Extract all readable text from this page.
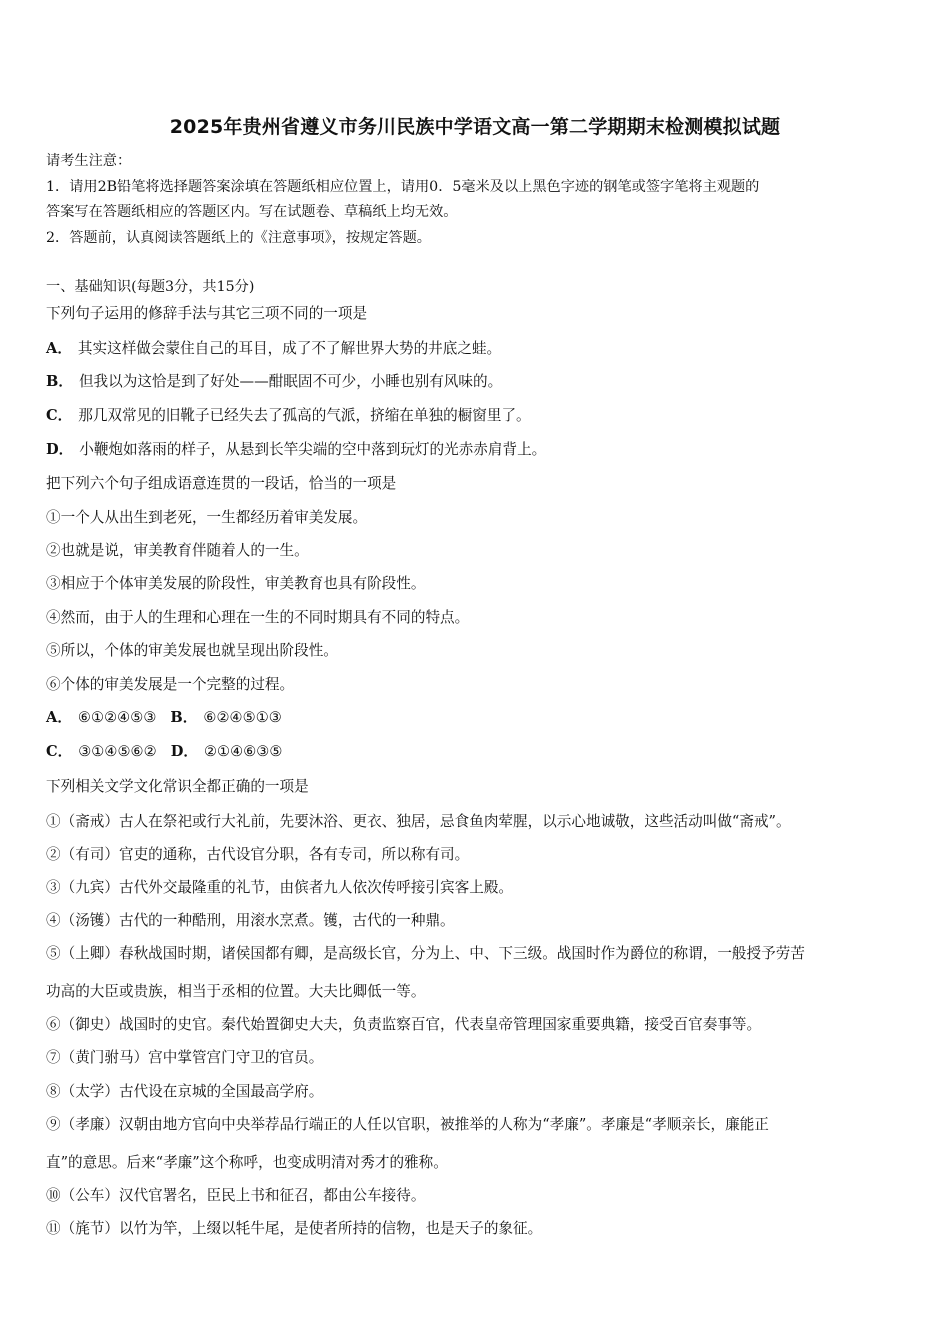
2025年贵州省遵义市务川民族中学语文高一第二学期期末检测模拟试题
请考生注意：
1．请用2B铅笔将选择题答案涂填在答题纸相应位置上，请用0．5毫米及以上黑色字迹的钢笔或签字笔将主观题的
答案写在答题纸相应的答题区内。写在试题卷、草稿纸上均无效。
2．答题前，认真阅读答题纸上的《注意事项》，按规定答题。
一、基础知识(每题3分，共15分)
下列句子运用的修辞手法与其它三项不同的一项是
A． 其实这样做会蒙住自己的耳目，成了不了解世界大势的井底之蛙。
B． 但我以为这恰是到了好处——酣眠固不可少，小睡也别有风味的。
C． 那几双常见的旧靴子已经失去了孤高的气派，挤缩在单独的橱窗里了。
D． 小鞭炮如落雨的样子，从悬到长竿尖端的空中落到玩灯的光赤赤肩背上。
把下列六个句子组成语意连贯的一段话，恰当的一项是
①一个人从出生到老死，一生都经历着审美发展。
②也就是说，审美教育伴随着人的一生。
③相应于个体审美发展的阶段性，审美教育也具有阶段性。
④然而，由于人的生理和心理在一生的不同时期具有不同的特点。
⑤所以，个体的审美发展也就呈现出阶段性。
⑥个体的审美发展是一个完整的过程。
A． ⑥①②④⑤③ B． ⑥②④⑤①③
C． ③①④⑤⑥② D． ②①④⑥③⑤
下列相关文学文化常识全都正确的一项是
①（斋戒）古人在祭祀或行大礼前，先要沐浴、更衣、独居，忌食鱼肉荤腥，以示心地诚敬，这些活动叫做“斋戒”。
②（有司）官吏的通称，古代设官分职，各有专司，所以称有司。
③（九宾）古代外交最隆重的礼节，由傧者九人依次传呼接引宾客上殿。
④（汤镬）古代的一种酷刑，用滚水烹煮。镬，古代的一种鼎。
⑤（上卿）春秋战国时期，诸侯国都有卿，是高级长官，分为上、中、下三级。战国时作为爵位的称谓，一般授予劳苦
功高的大臣或贵族，相当于丞相的位置。大夫比卿低一等。
⑥（御史）战国时的史官。秦代始置御史大夫，负责监察百官，代表皇帝管理国家重要典籍，接受百官奏事等。
⑦（黄门驸马）宫中掌管宫门守卫的官员。
⑧（太学）古代设在京城的全国最高学府。
⑨（孝廉）汉朝由地方官向中央举荐品行端正的人任以官职，被推举的人称为“孝廉”。孝廉是“孝顺亲长，廉能正
直”的意思。后来“孝廉”这个称呼，也变成明清对秀才的雅称。
⑩（公车）汉代官署名，臣民上书和征召，都由公车接待。
⑪（旄节）以竹为竿，上缀以牦牛尾，是使者所持的信物，也是天子的象征。
